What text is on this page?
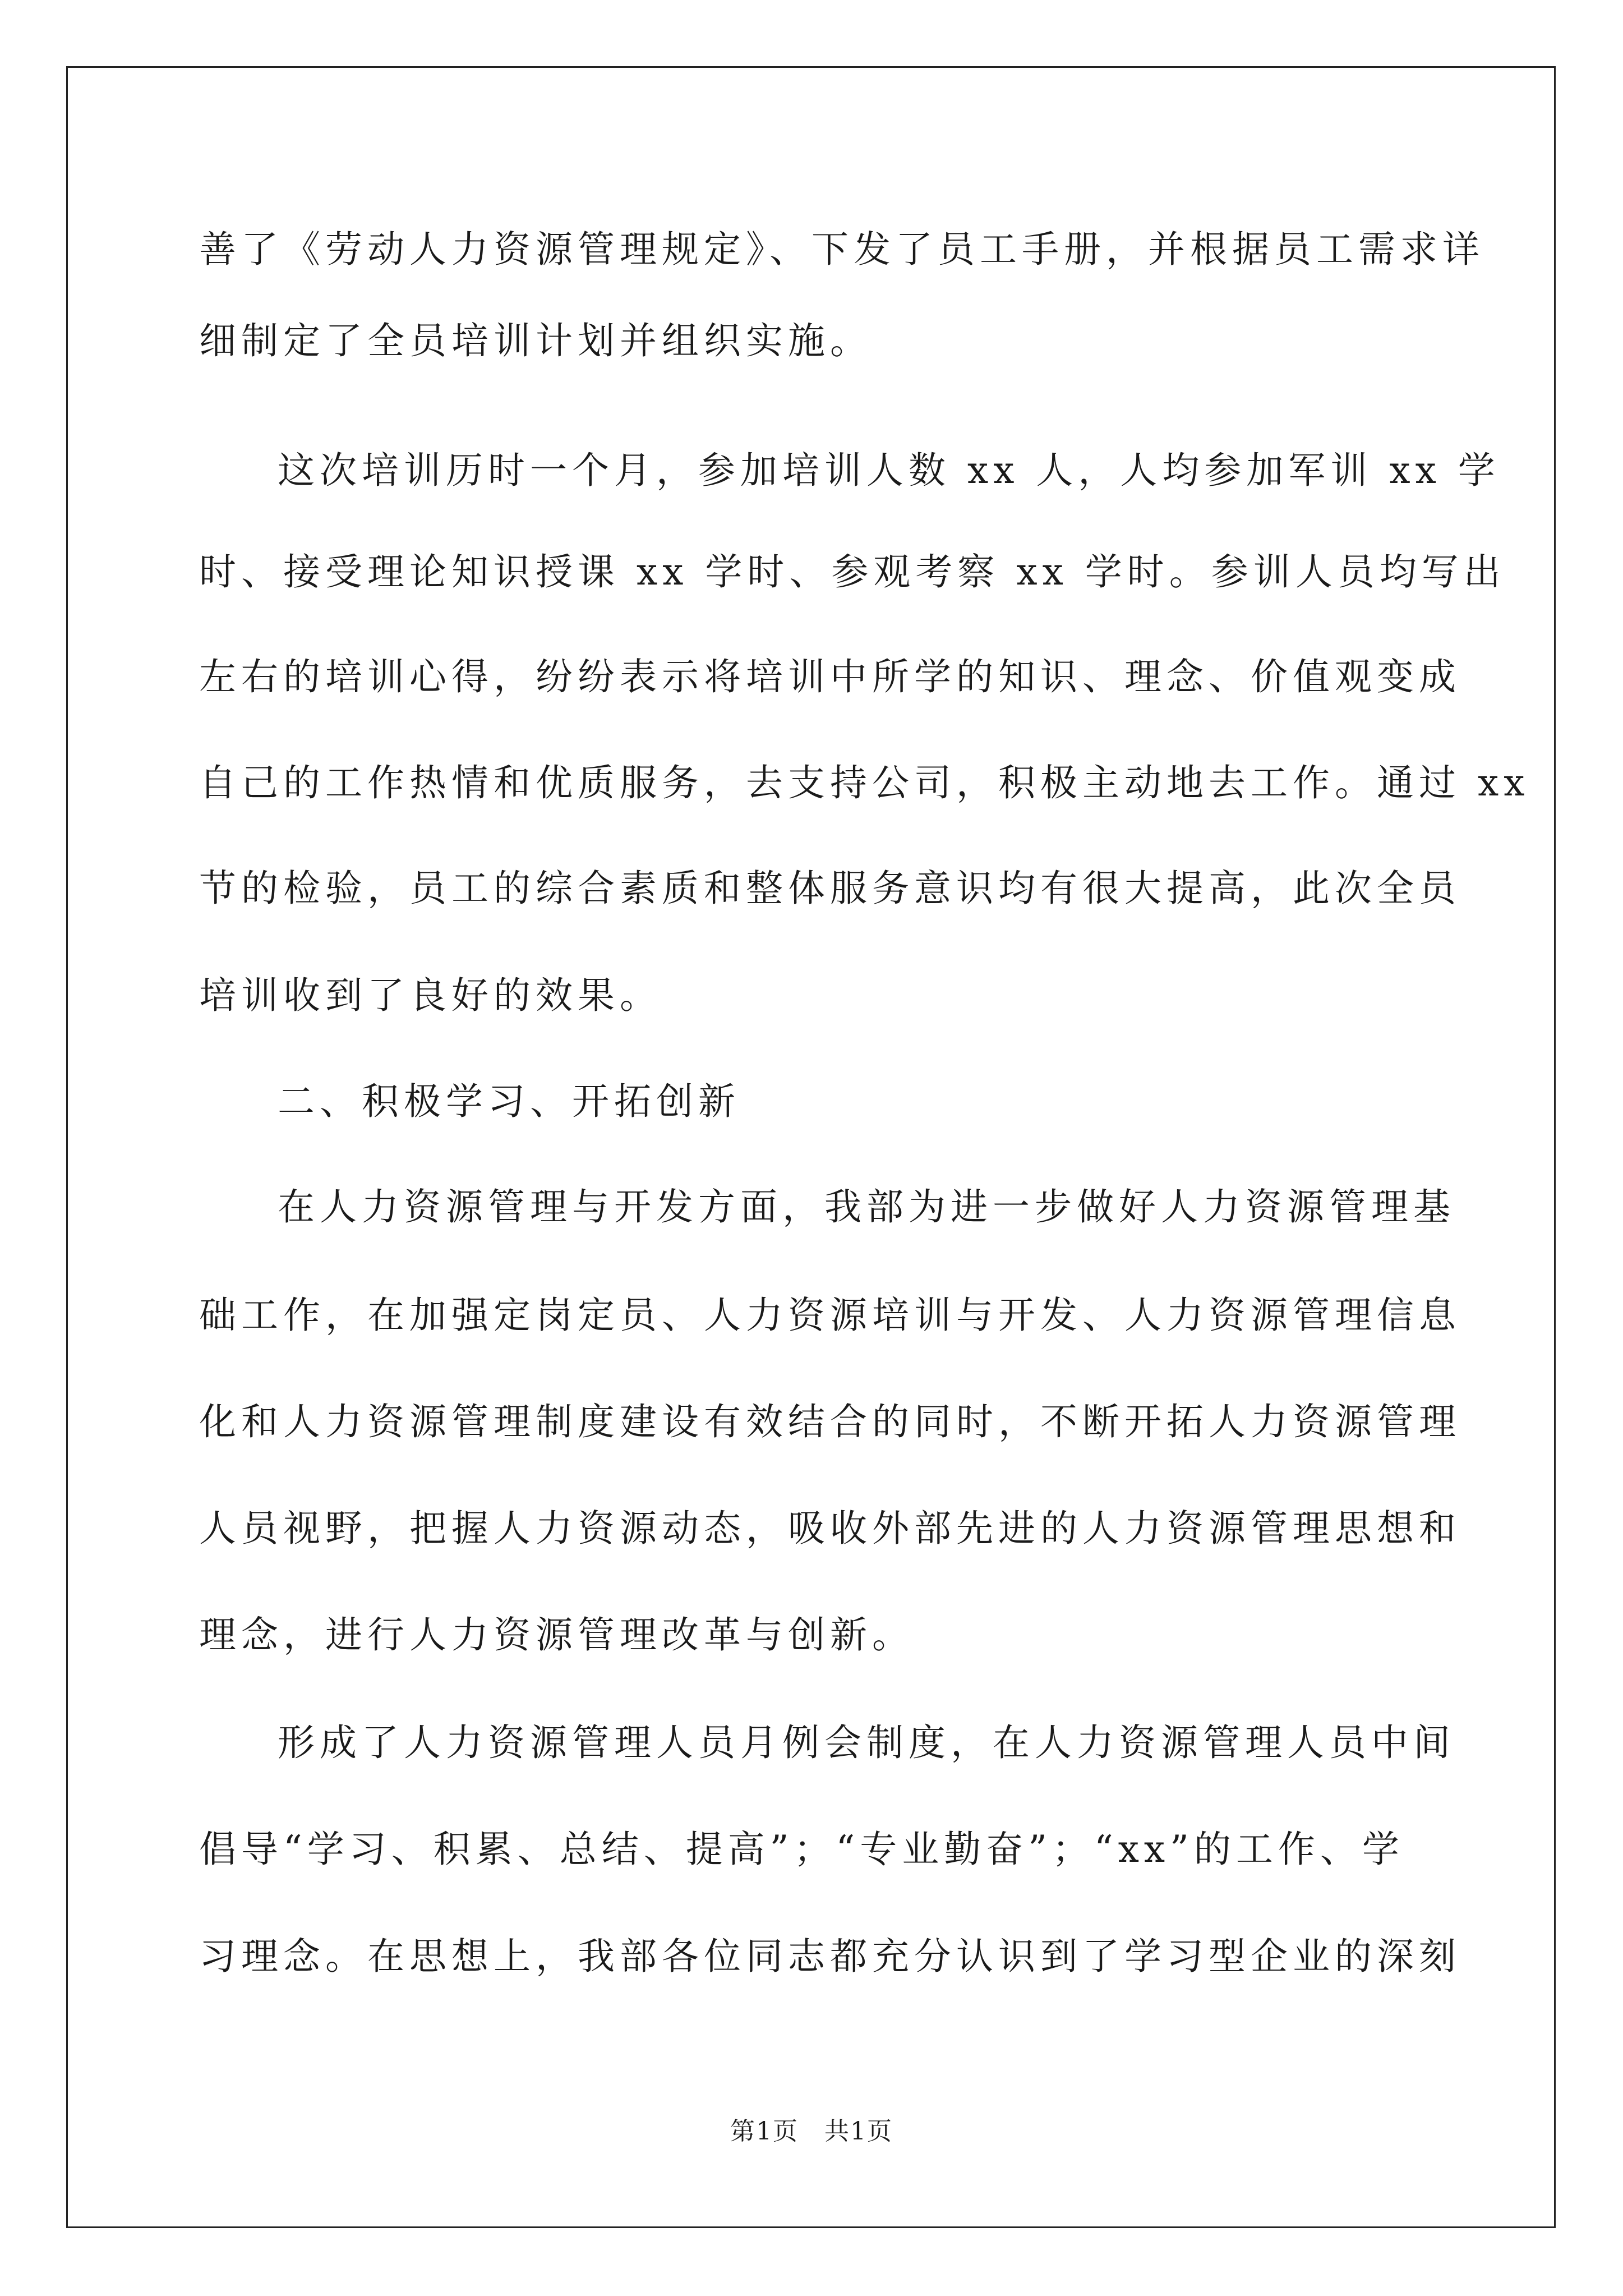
善了《劳动人力资源管理规定》、下发了员工手册，并根据员工需求详
细制定了全员培训计划并组织实施。
这次培训历时一个月，参加培训人数 xx 人，人均参加军训 xx 学
时、接受理论知识授课 xx 学时、参观考察 xx 学时。参训人员均写出
左右的培训心得，纷纷表示将培训中所学的知识、理念、价值观变成
自己的工作热情和优质服务，去支持公司，积极主动地去工作。通过 xx
节的检验，员工的综合素质和整体服务意识均有很大提高，此次全员
培训收到了良好的效果。
二、积极学习、开拓创新
在人力资源管理与开发方面，我部为进一步做好人力资源管理基
础工作，在加强定岗定员、人力资源培训与开发、人力资源管理信息
化和人力资源管理制度建设有效结合的同时，不断开拓人力资源管理
人员视野，把握人力资源动态，吸收外部先进的人力资源管理思想和
理念，进行人力资源管理改革与创新。
形成了人力资源管理人员月例会制度，在人力资源管理人员中间
倡导“学习、积累、总结、提高”；“专业勤奋”；“xx”的工作、学
习理念。在思想上，我部各位同志都充分认识到了学习型企业的深刻
第1页　共1页
